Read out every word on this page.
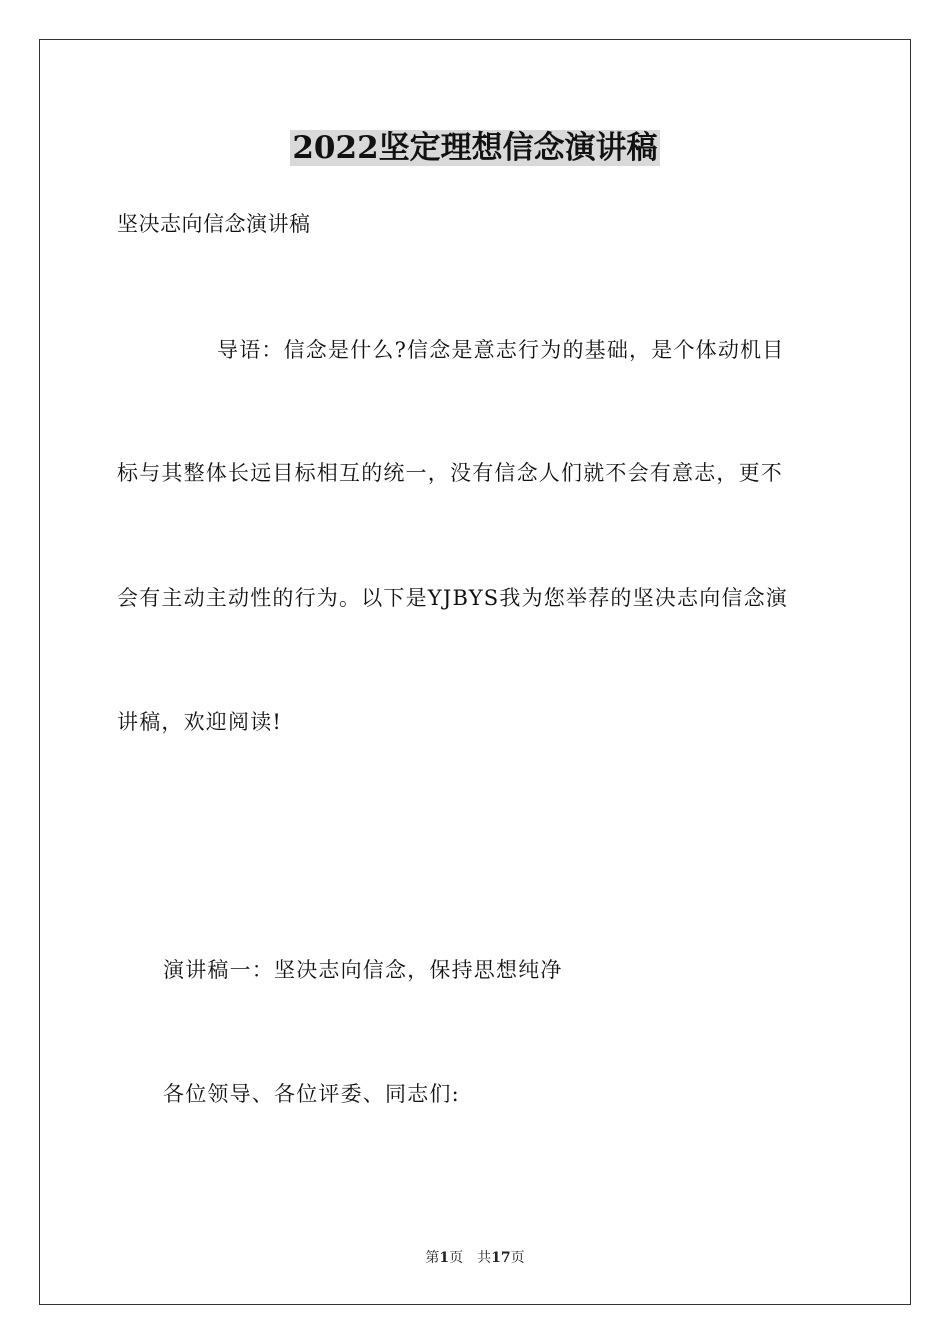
2022坚定理想信念演讲稿
坚决志向信念演讲稿
导语：信念是什么?信念是意志行为的基础，是个体动机目
标与其整体长远目标相互的统一，没有信念人们就不会有意志，更不
会有主动主动性的行为。以下是YJBYS我为您举荐的坚决志向信念演
讲稿，欢迎阅读!
演讲稿一：坚决志向信念，保持思想纯净
各位领导、各位评委、同志们:
第1页 共17页
